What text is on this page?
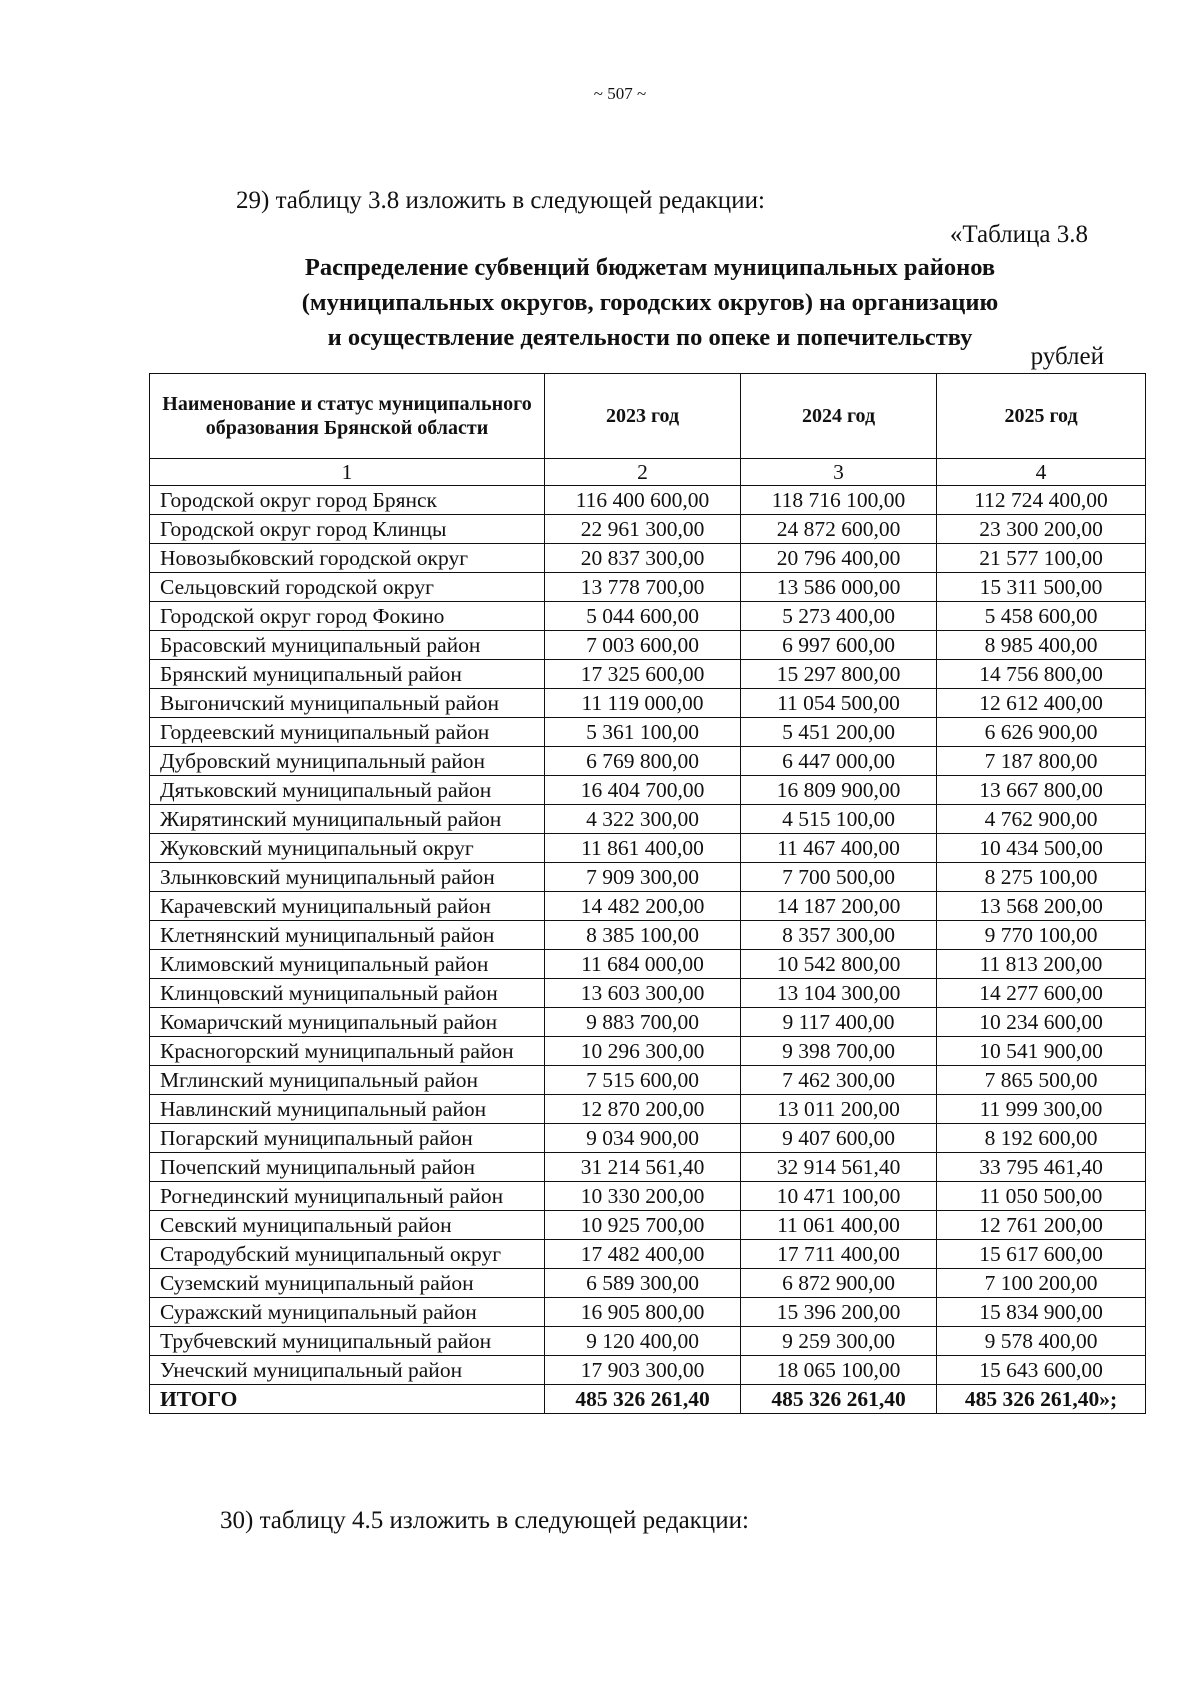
~ 507 ~
29) таблицу 3.8 изложить в следующей редакции:
«Таблица 3.8
Распределение субвенций бюджетам муниципальных районов
(муниципальных округов, городских округов) на организацию
и осуществление деятельности по опеке и попечительству
рублей
Наименование и статус муниципального образования Брянской области	2023 год	2024 год	2025 год
1	2	3	4
Городской округ город Брянск	116 400 600,00	118 716 100,00	112 724 400,00
Городской округ город Клинцы	22 961 300,00	24 872 600,00	23 300 200,00
Новозыбковский городской округ	20 837 300,00	20 796 400,00	21 577 100,00
Сельцовский городской округ	13 778 700,00	13 586 000,00	15 311 500,00
Городской округ город Фокино	5 044 600,00	5 273 400,00	5 458 600,00
Брасовский муниципальный район	7 003 600,00	6 997 600,00	8 985 400,00
Брянский муниципальный район	17 325 600,00	15 297 800,00	14 756 800,00
Выгоничский муниципальный район	11 119 000,00	11 054 500,00	12 612 400,00
Гордеевский муниципальный район	5 361 100,00	5 451 200,00	6 626 900,00
Дубровский муниципальный район	6 769 800,00	6 447 000,00	7 187 800,00
Дятьковский муниципальный район	16 404 700,00	16 809 900,00	13 667 800,00
Жирятинский муниципальный район	4 322 300,00	4 515 100,00	4 762 900,00
Жуковский муниципальный округ	11 861 400,00	11 467 400,00	10 434 500,00
Злынковский муниципальный район	7 909 300,00	7 700 500,00	8 275 100,00
Карачевский муниципальный район	14 482 200,00	14 187 200,00	13 568 200,00
Клетнянский муниципальный район	8 385 100,00	8 357 300,00	9 770 100,00
Климовский муниципальный район	11 684 000,00	10 542 800,00	11 813 200,00
Клинцовский муниципальный район	13 603 300,00	13 104 300,00	14 277 600,00
Комаричский муниципальный район	9 883 700,00	9 117 400,00	10 234 600,00
Красногорский муниципальный район	10 296 300,00	9 398 700,00	10 541 900,00
Мглинский муниципальный район	7 515 600,00	7 462 300,00	7 865 500,00
Навлинский муниципальный район	12 870 200,00	13 011 200,00	11 999 300,00
Погарский муниципальный район	9 034 900,00	9 407 600,00	8 192 600,00
Почепский муниципальный район	31 214 561,40	32 914 561,40	33 795 461,40
Рогнединский муниципальный район	10 330 200,00	10 471 100,00	11 050 500,00
Севский муниципальный район	10 925 700,00	11 061 400,00	12 761 200,00
Стародубский муниципальный округ	17 482 400,00	17 711 400,00	15 617 600,00
Суземский муниципальный район	6 589 300,00	6 872 900,00	7 100 200,00
Суражский муниципальный район	16 905 800,00	15 396 200,00	15 834 900,00
Трубчевский муниципальный район	9 120 400,00	9 259 300,00	9 578 400,00
Унечский муниципальный район	17 903 300,00	18 065 100,00	15 643 600,00
ИТОГО	485 326 261,40	485 326 261,40	485 326 261,40»;
30) таблицу 4.5 изложить в следующей редакции:
